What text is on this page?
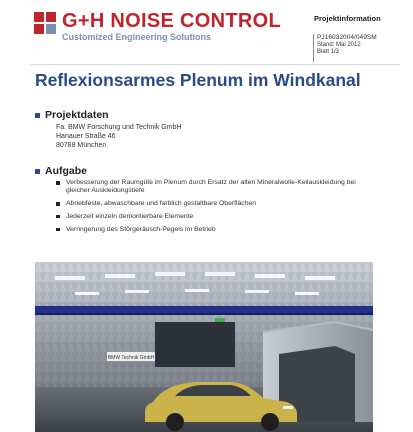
G+H NOISE CONTROL
Customized Engineering Solutions
Projektinformation
PJ16032004/049SM
Stand: Mai 2012
Blatt 1/3
Reflexionsarmes Plenum im Windkanal
Projektdaten
Fa. BMW Forschung und Technik GmbH
Hanauer Straße 46
80788 München
Aufgabe
Verbesserung der Raumgüte im Plenum durch Ersatz der alten Mineralwolle-Keilauskleidung bei gleicher Auskleidungstiefe
Abriebfeste, abwaschbare und farblich gestaltbare Oberflächen
Jederzeit einzeln demontierbare Elemente
Verringerung des Störgeräusch-Pegels im Betrieb
BMW Technik GmbH
